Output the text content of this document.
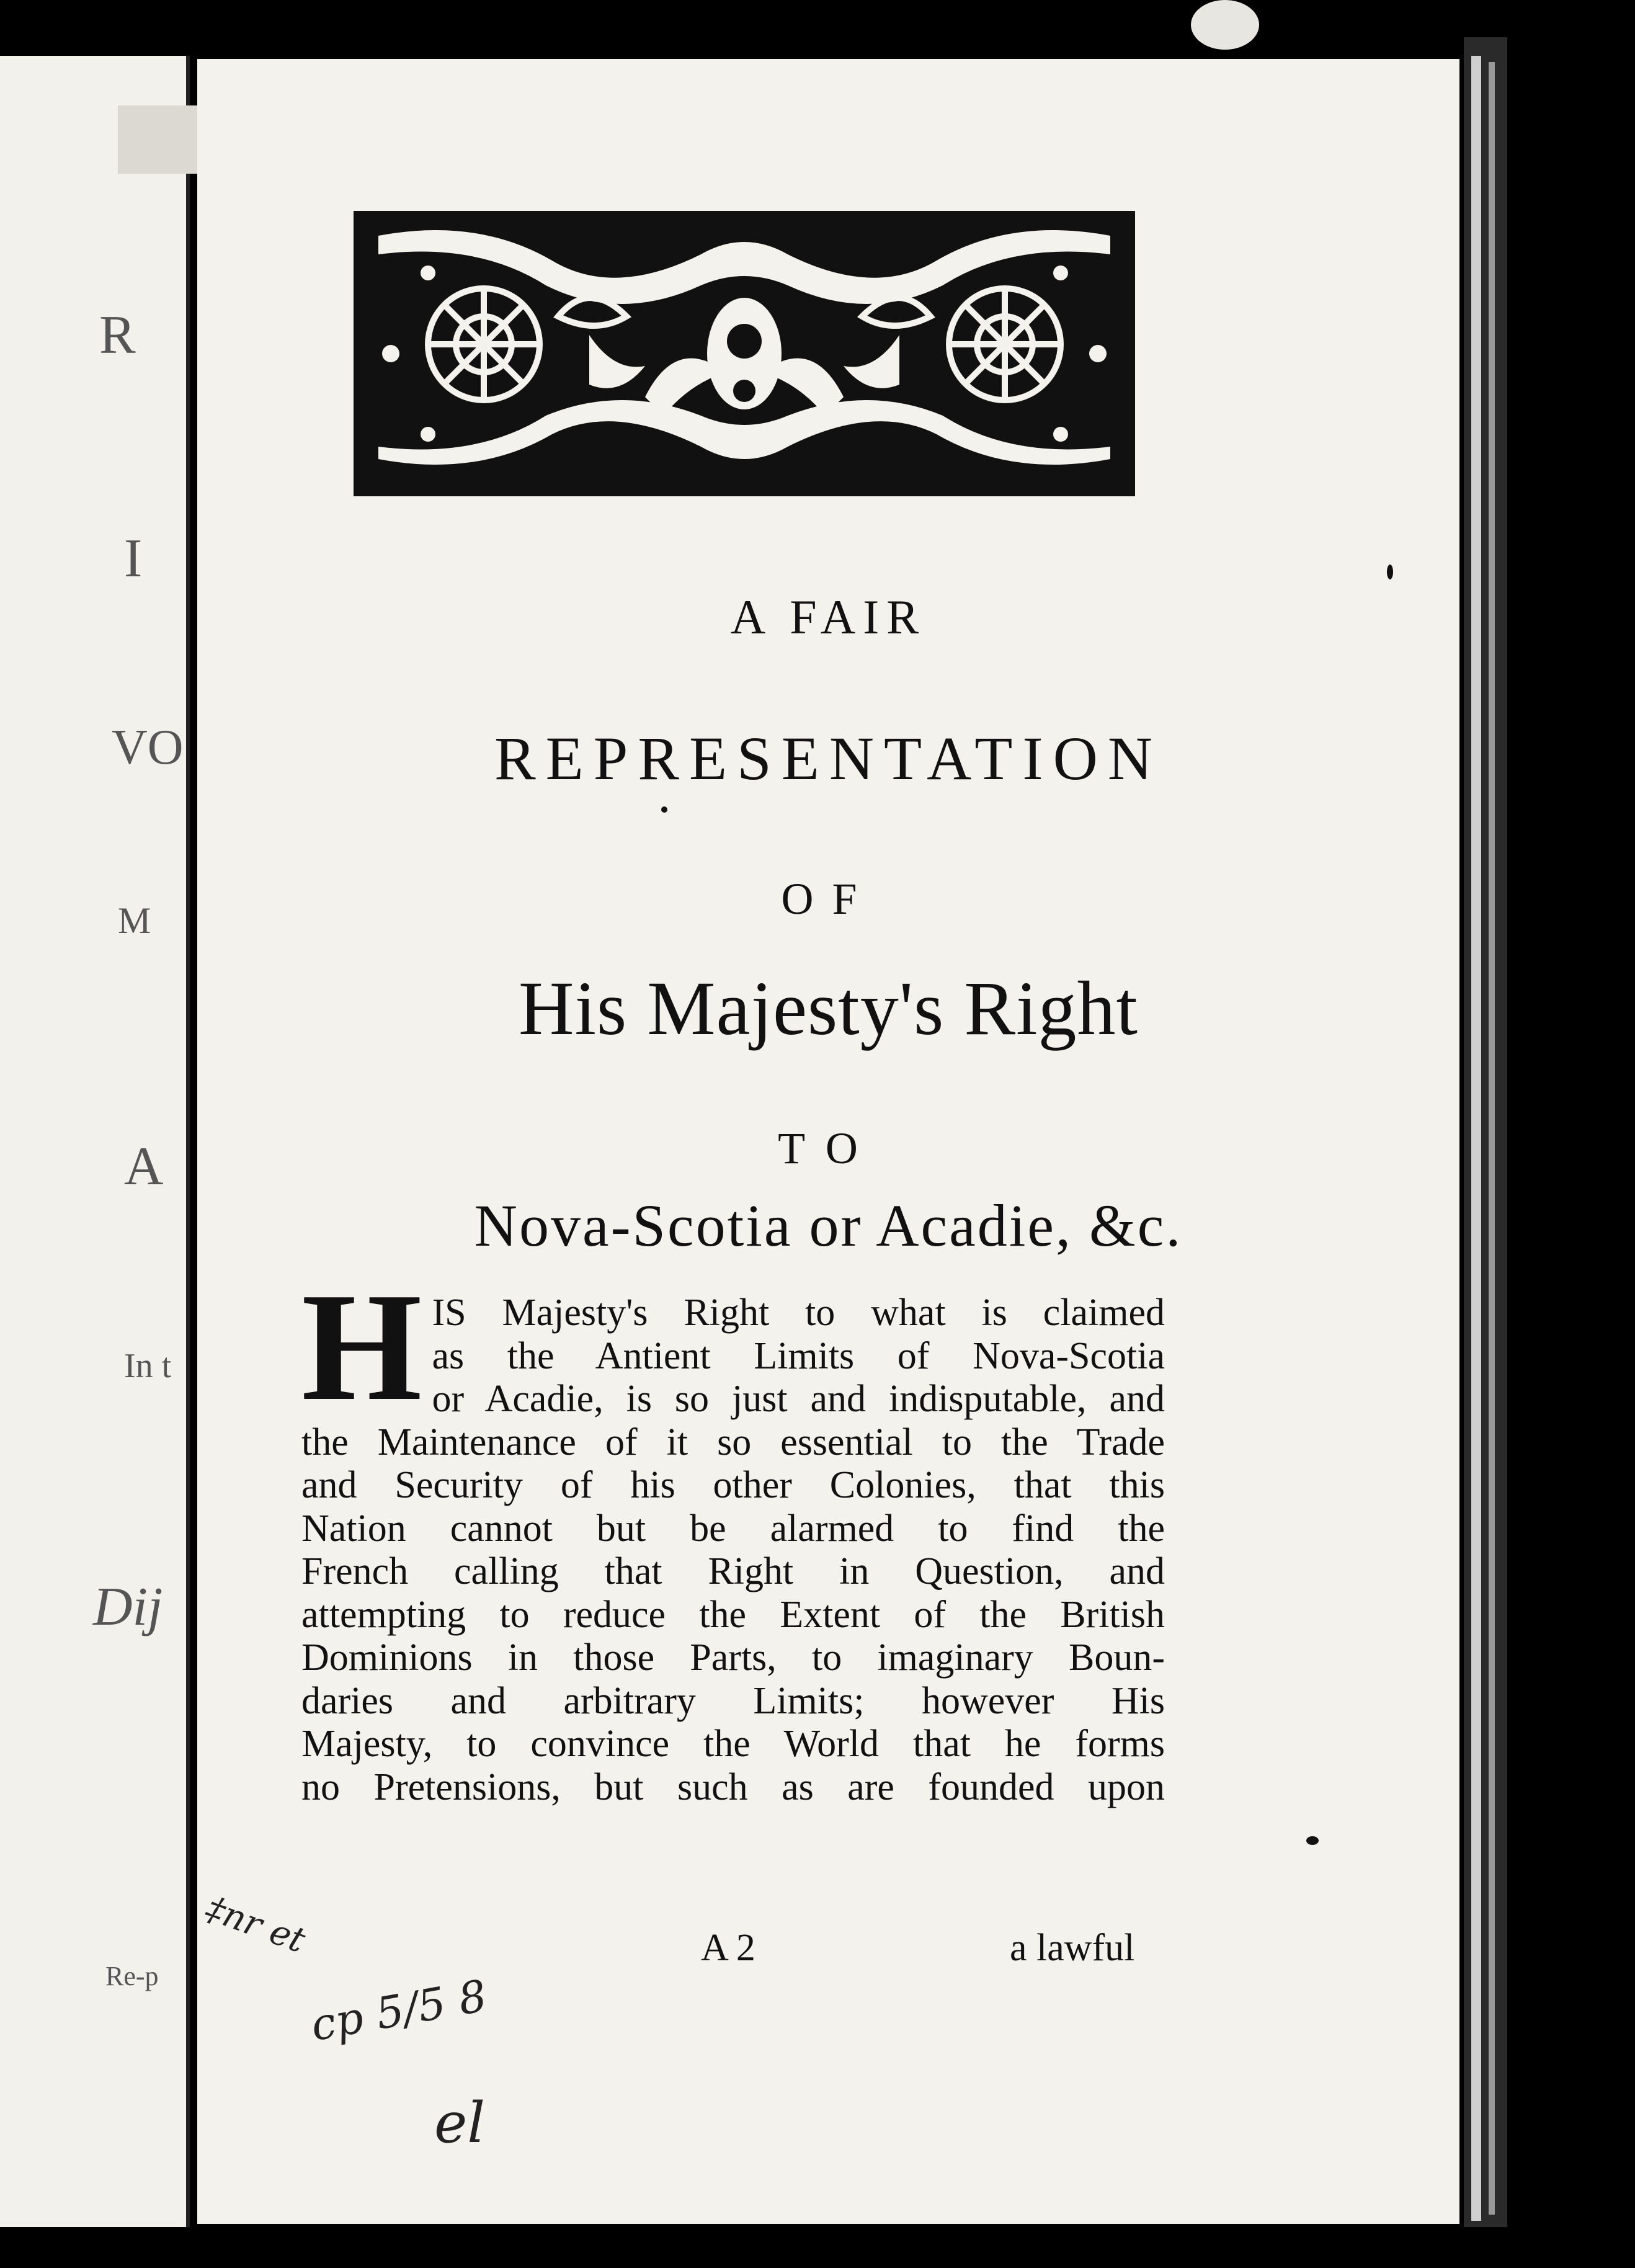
R
I
VO
M
A
In t
Dij
Re-p
A FAIR
REPRESENTATION
OF
His Majesty's Right
TO
Nova-Scotia or Acadie, &c.
H IS Majesty's Right to what is claimed
as the Antient Limits of Nova-Scotia
or Acadie, is so just and indisputable, and
the Maintenance of it so essential to the Trade
and Security of his other Colonies, that this
Nation cannot but be alarmed to find the
French calling that Right in Question, and
attempting to reduce the Extent of the British
Dominions in those Parts, to imaginary Boun-
daries and arbitrary Limits; however His
Majesty, to convince the World that he forms
no Pretensions, but such as are founded upon
A 2	a lawful
‡nr et
cp 5/5 8
el
